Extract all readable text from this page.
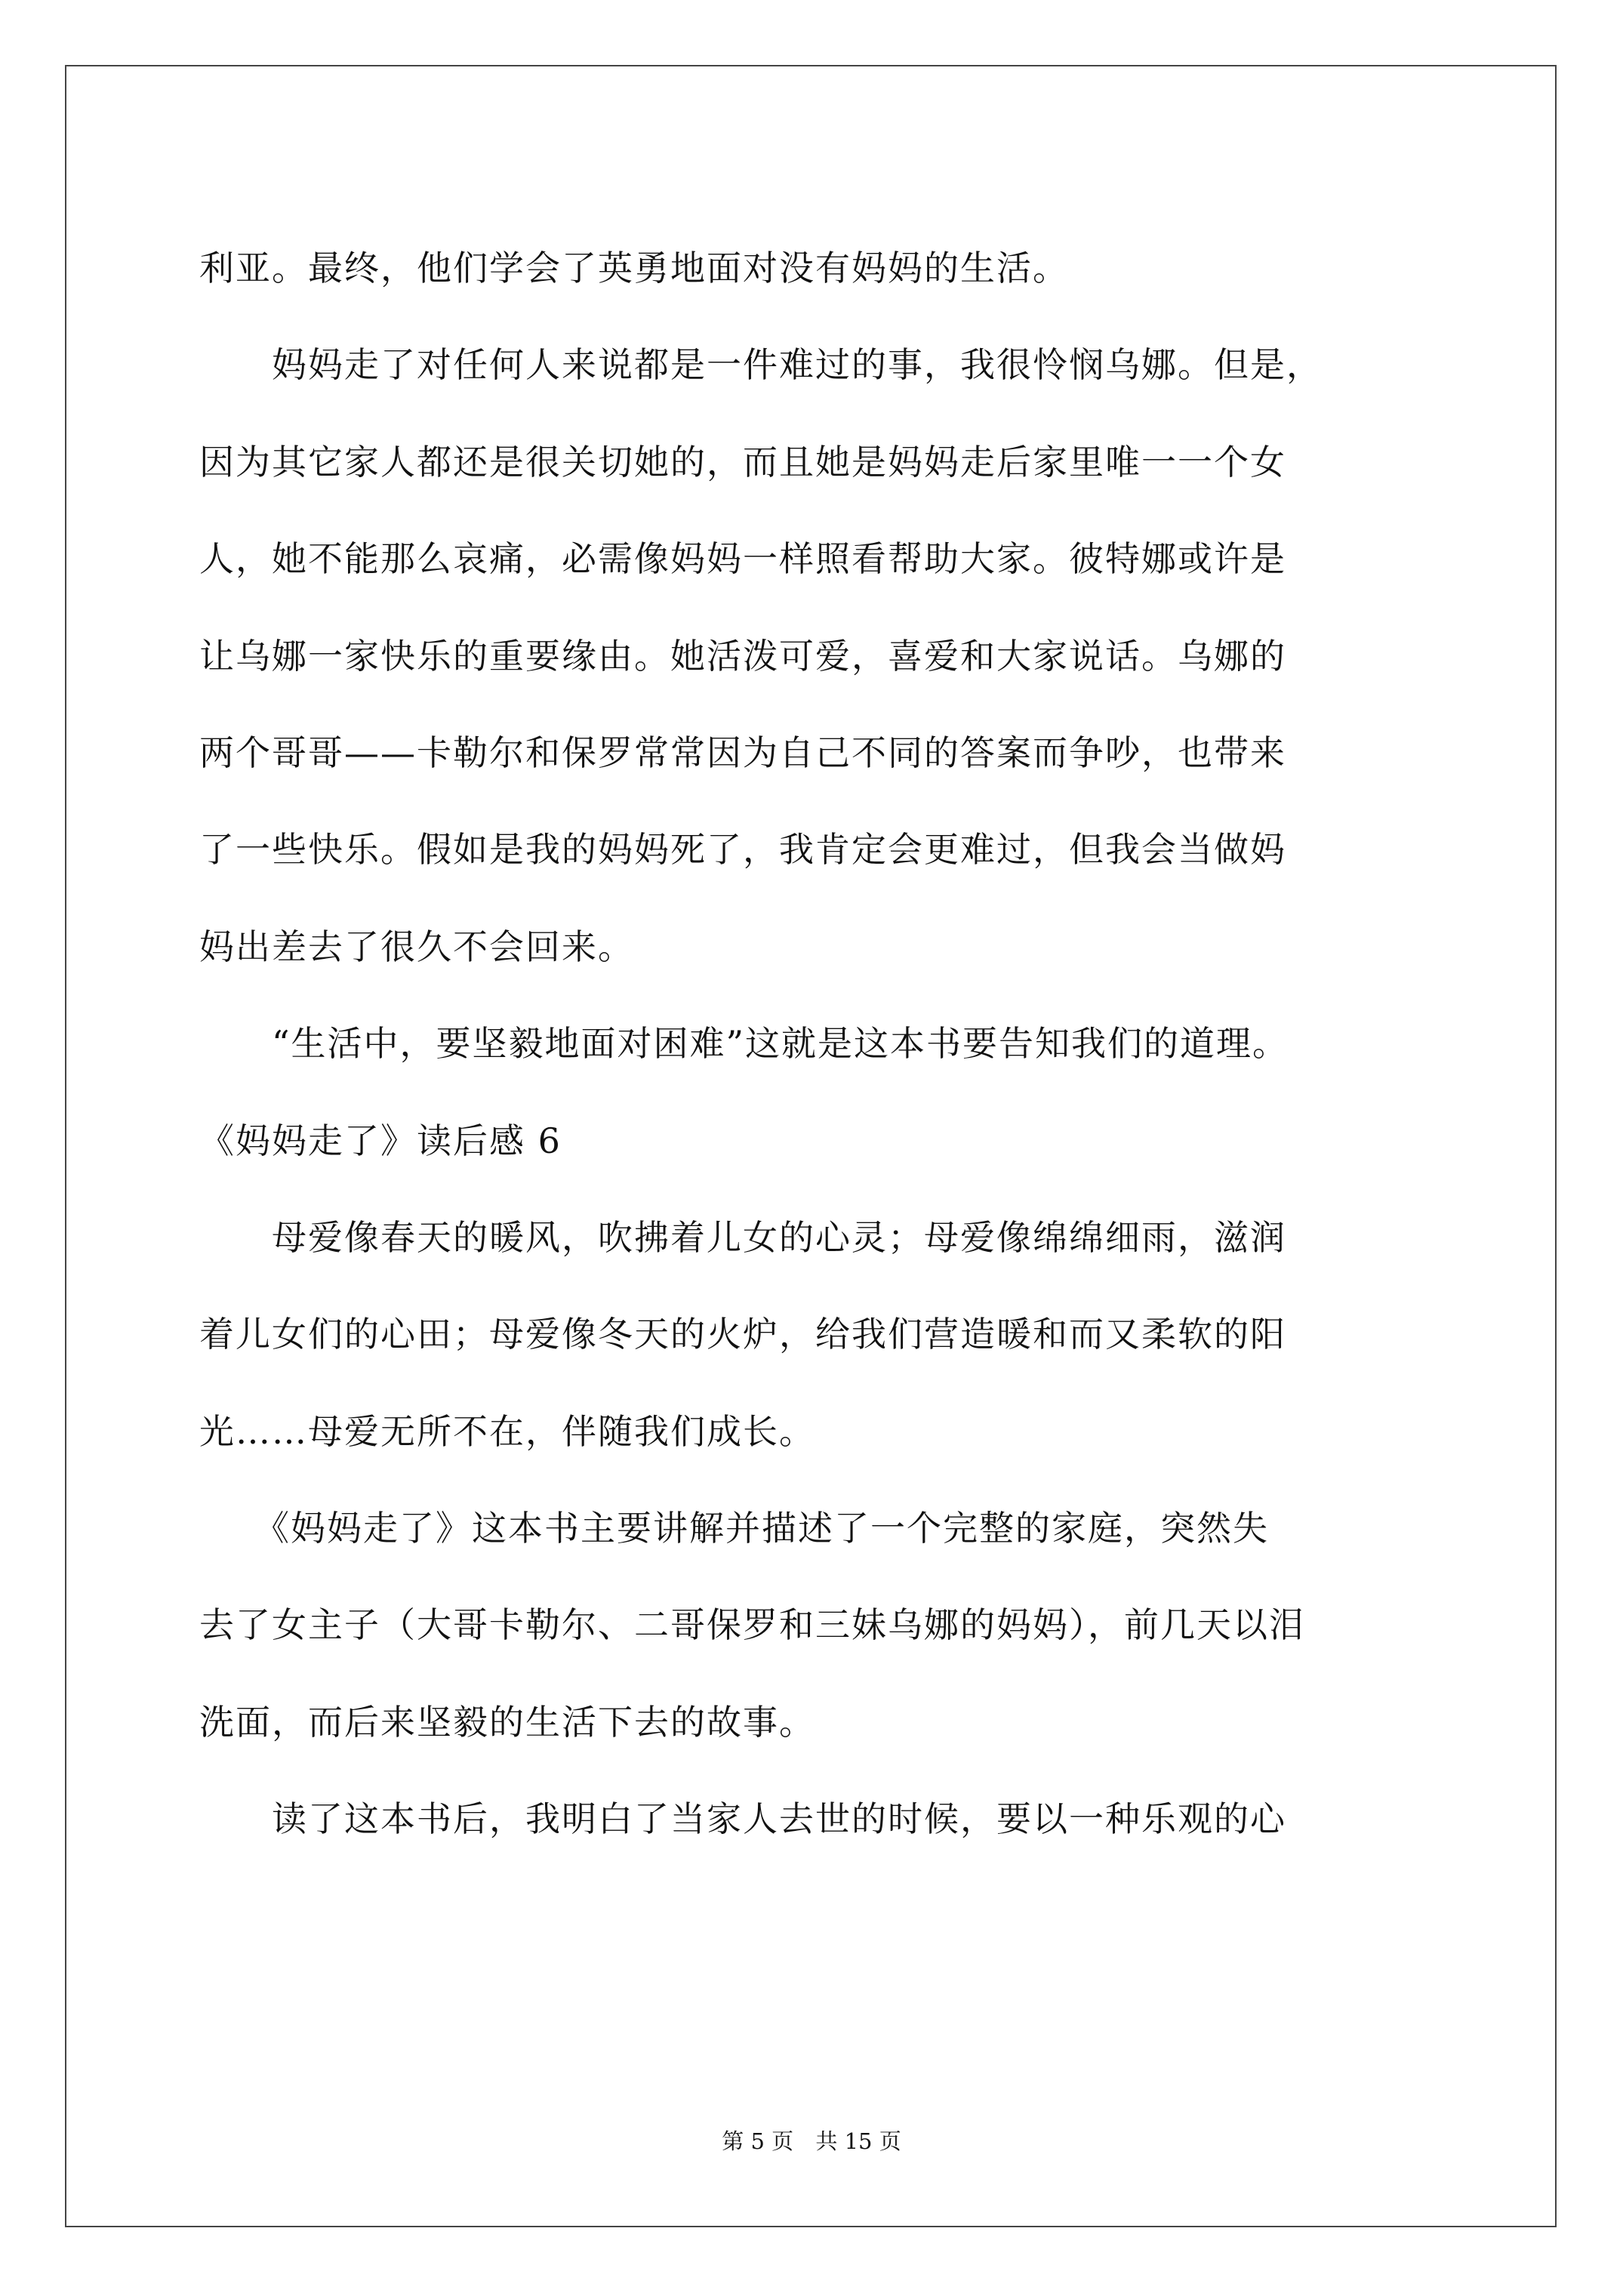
利亚。最终，他们学会了英勇地面对没有妈妈的生活。
　　妈妈走了对任何人来说都是一件难过的事，我很怜悯乌娜。但是，
因为其它家人都还是很关切她的，而且她是妈妈走后家里唯一一个女
人，她不能那么哀痛，必需像妈妈一样照看帮助大家。彼特娜或许是
让乌娜一家快乐的重要缘由。她活泼可爱，喜爱和大家说话。乌娜的
两个哥哥——卡勒尔和保罗常常因为自己不同的答案而争吵，也带来
了一些快乐。假如是我的妈妈死了，我肯定会更难过，但我会当做妈
妈出差去了很久不会回来。
　　“生活中，要坚毅地面对困难”这就是这本书要告知我们的道理。
《妈妈走了》读后感 6
　　母爱像春天的暖风，吹拂着儿女的心灵；母爱像绵绵细雨，滋润
着儿女们的心田；母爱像冬天的火炉，给我们营造暖和而又柔软的阳
光……母爱无所不在，伴随我们成长。
　　《妈妈走了》这本书主要讲解并描述了一个完整的家庭，突然失
去了女主子（大哥卡勒尔、二哥保罗和三妹乌娜的妈妈），前几天以泪
洗面，而后来坚毅的生活下去的故事。
　　读了这本书后，我明白了当家人去世的时候，要以一种乐观的心
第 5 页 共 15 页
